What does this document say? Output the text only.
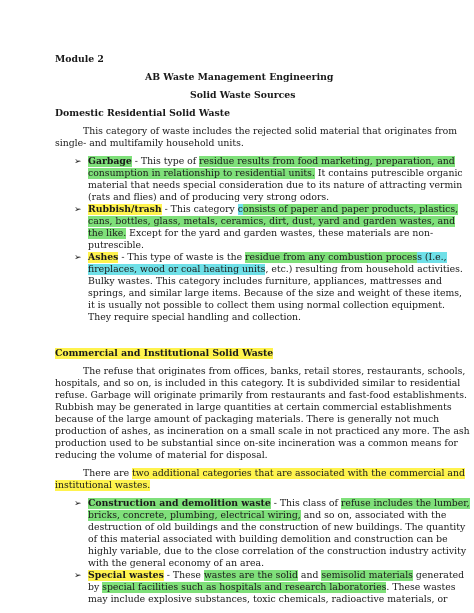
Module 2
AB Waste Management Engineering
Solid Waste Sources
Domestic Residential Solid Waste
This category of waste includes the rejected solid material that originates from
single- and multifamily household units.
➢ Garbage - This type of residue results from food marketing, preparation, and
consumption in relationship to residential units. It contains putrescible organic
material that needs special consideration due to its nature of attracting vermin
(rats and flies) and of producing very strong odors.
➢ Rubbish/trash - This category consists of paper and paper products, plastics,
cans, bottles, glass, metals, ceramics, dirt, dust, yard and garden wastes, and
the like. Except for the yard and garden wastes, these materials are non-
putrescible.
➢ Ashes - This type of waste is the residue from any combustion process (I.e.,
fireplaces, wood or coal heating units, etc.) resulting from household activities.
Bulky wastes. This category includes furniture, appliances, mattresses and
springs, and similar large items. Because of the size and weight of these items,
it is usually not possible to collect them using normal collection equipment.
They require special handling and collection.
Commercial and Institutional Solid Waste
The refuse that originates from offices, banks, retail stores, restaurants, schools,
hospitals, and so on, is included in this category. It is subdivided similar to residential
refuse. Garbage will originate primarily from restaurants and fast-food establishments.
Rubbish may be generated in large quantities at certain commercial establishments
because of the large amount of packaging materials. There is generally not much
production of ashes, as incineration on a small scale in not practiced any more. The ash
production used to be substantial since on-site incineration was a common means for
reducing the volume of material for disposal.
There are two additional categories that are associated with the commercial and
institutional wastes.
➢ Construction and demolition waste - This class of refuse includes the lumber,
bricks, concrete, plumbing, electrical wiring, and so on, associated with the
destruction of old buildings and the construction of new buildings. The quantity
of this material associated with building demolition and construction can be
highly variable, due to the close correlation of the construction industry activity
with the general economy of an area.
➢ Special wastes - These wastes are the solid and semisolid materials generated
by special facilities such as hospitals and research laboratories. These wastes
may include explosive substances, toxic chemicals, radioactive materials, or
